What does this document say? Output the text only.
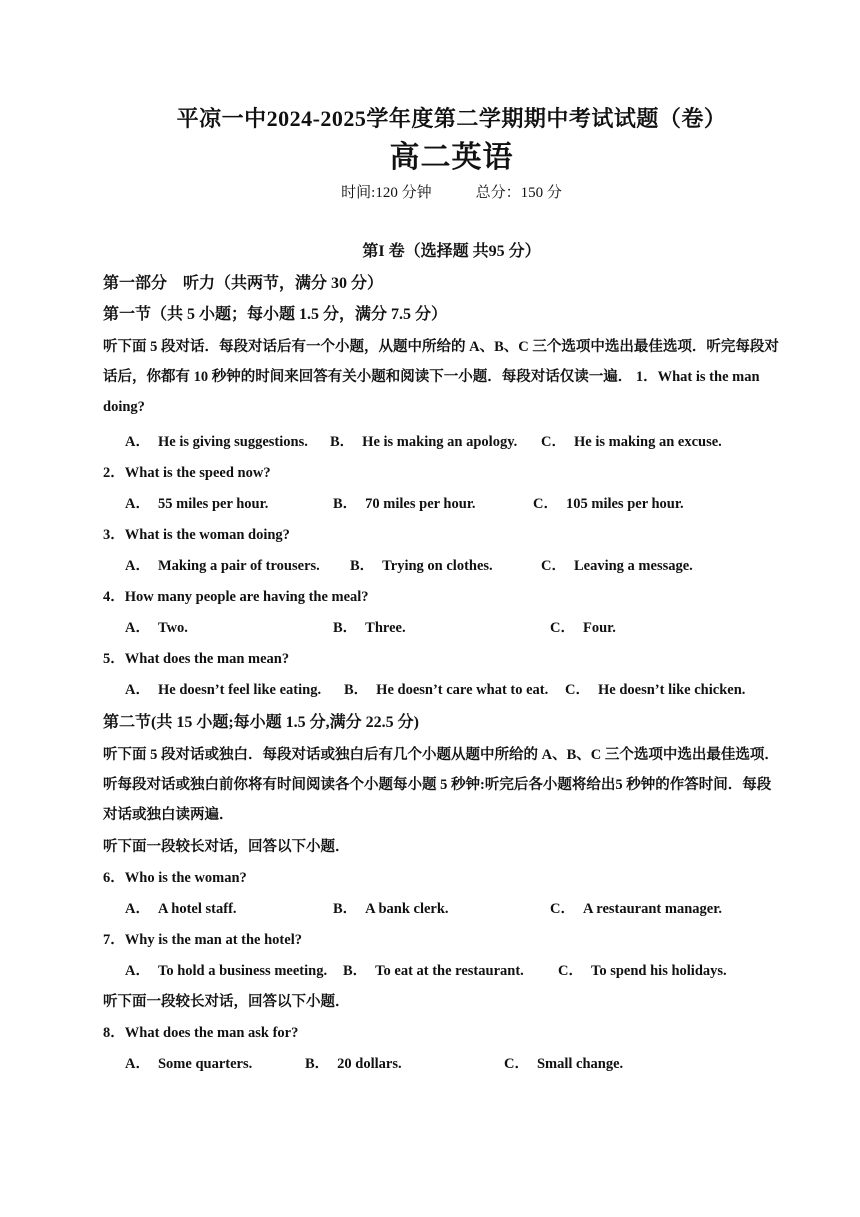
平凉一中2024-2025学年度第二学期期中考试试题（卷）
高二英语
时间:120 分钟	总分：150 分
第I 卷（选择题 共95 分）
第一部分　听力（共两节，满分 30 分）
第一节（共 5 小题；每小题 1.5 分，满分 7.5 分）
听下面 5 段对话．每段对话后有一个小题，从题中所给的 A、B、C 三个选项中选出最佳选项．听完每段对话后，你都有 10 秒钟的时间来回答有关小题和阅读下一小题．每段对话仅读一遍． 1．What is the man doing?
A． He is giving suggestions.	B． He is making an apology.	C． He is making an excuse.
2．What is the speed now?
A． 55 miles per hour.	B． 70 miles per hour.	C． 105 miles per hour.
3．What is the woman doing?
A． Making a pair of trousers.	B． Trying on clothes.	C． Leaving a message.
4．How many people are having the meal?
A． Two.	B． Three.	C． Four.
5．What does the man mean?
A． He doesn’t feel like eating.	B． He doesn’t care what to eat.	C． He doesn’t like chicken.
第二节(共 15 小题;每小题 1.5 分,满分 22.5 分)
听下面 5 段对话或独白．每段对话或独白后有几个小题从题中所给的 A、B、C 三个选项中选出最佳选项．听每段对话或独白前你将有时间阅读各个小题每小题 5 秒钟:听完后各小题将给出5 秒钟的作答时间．每段对话或独白读两遍．
听下面一段较长对话，回答以下小题．
6．Who is the woman?
A． A hotel staff.	B． A bank clerk.	C． A restaurant manager.
7．Why is the man at the hotel?
A． To hold a business meeting.	B． To eat at the restaurant.	C． To spend his holidays.
听下面一段较长对话，回答以下小题．
8．What does the man ask for?
A． Some quarters.	B． 20 dollars.	C． Small change.
